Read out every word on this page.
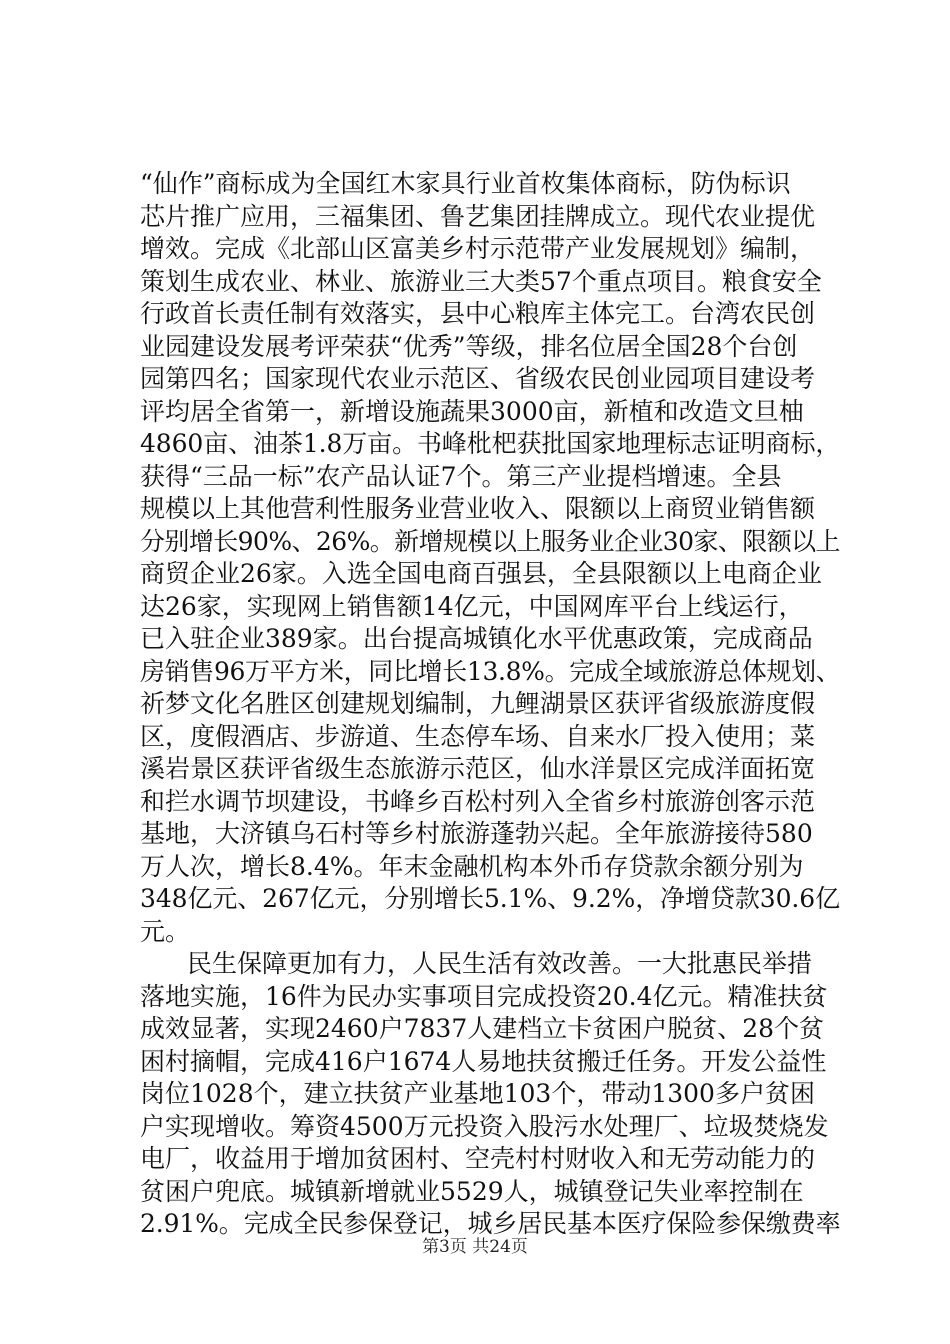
“仙作”商标成为全国红木家具行业首枚集体商标，防伪标识
芯片推广应用，三福集团、鲁艺集团挂牌成立。现代农业提优
增效。完成《北部山区富美乡村示范带产业发展规划》编制，
策划生成农业、林业、旅游业三大类57个重点项目。粮食安全
行政首长责任制有效落实，县中心粮库主体完工。台湾农民创
业园建设发展考评荣获“优秀”等级，排名位居全国28个台创
园第四名；国家现代农业示范区、省级农民创业园项目建设考
评均居全省第一，新增设施蔬果3000亩，新植和改造文旦柚
4860亩、油茶1.8万亩。书峰枇杷获批国家地理标志证明商标，
获得“三品一标”农产品认证7个。第三产业提档增速。全县
规模以上其他营利性服务业营业收入、限额以上商贸业销售额
分别增长90%、26%。新增规模以上服务业企业30家、限额以上
商贸企业26家。入选全国电商百强县，全县限额以上电商企业
达26家，实现网上销售额14亿元，中国网库平台上线运行，
已入驻企业389家。出台提高城镇化水平优惠政策，完成商品
房销售96万平方米，同比增长13.8%。完成全域旅游总体规划、
祈梦文化名胜区创建规划编制，九鲤湖景区获评省级旅游度假
区，度假酒店、步游道、生态停车场、自来水厂投入使用；菜
溪岩景区获评省级生态旅游示范区，仙水洋景区完成洋面拓宽
和拦水调节坝建设，书峰乡百松村列入全省乡村旅游创客示范
基地，大济镇乌石村等乡村旅游蓬勃兴起。全年旅游接待580
万人次，增长8.4%。年末金融机构本外币存贷款余额分别为
348亿元、267亿元，分别增长5.1%、9.2%，净增贷款30.6亿
元。
民生保障更加有力，人民生活有效改善。一大批惠民举措
落地实施，16件为民办实事项目完成投资20.4亿元。精准扶贫
成效显著，实现2460户7837人建档立卡贫困户脱贫、28个贫
困村摘帽，完成416户1674人易地扶贫搬迁任务。开发公益性
岗位1028个，建立扶贫产业基地103个，带动1300多户贫困
户实现增收。筹资4500万元投资入股污水处理厂、垃圾焚烧发
电厂，收益用于增加贫困村、空壳村村财收入和无劳动能力的
贫困户兜底。城镇新增就业5529人，城镇登记失业率控制在
2.91%。完成全民参保登记，城乡居民基本医疗保险参保缴费率
第3页 共24页
